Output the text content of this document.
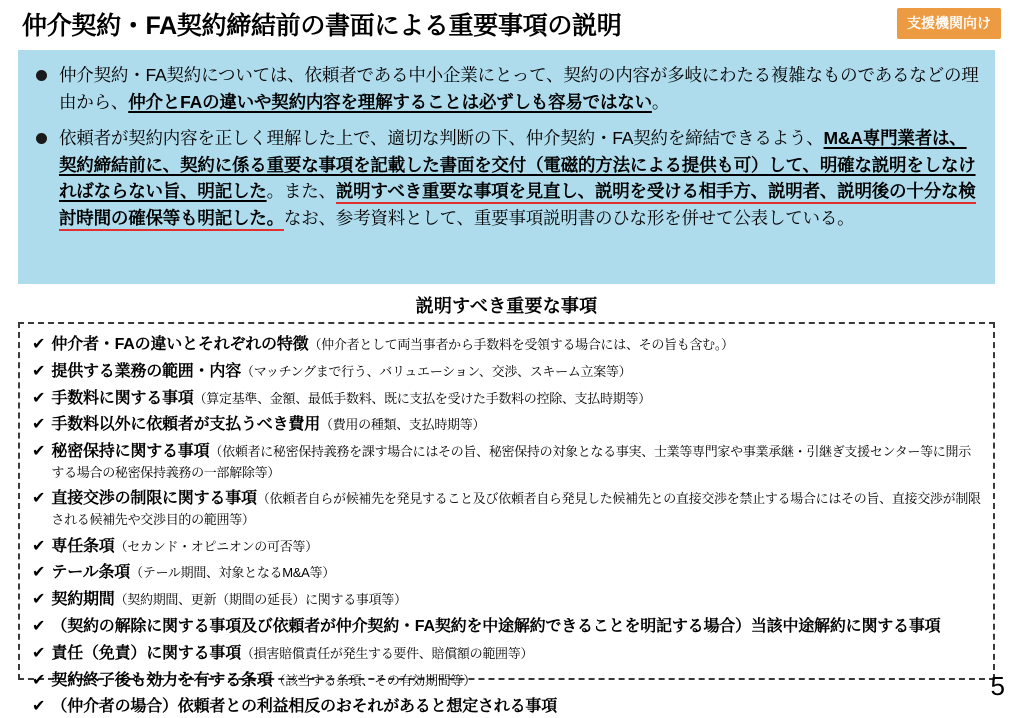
仲介契約・FA契約締結前の書面による重要事項の説明	支援機関向け
仲介契約・FA契約については、依頼者である中小企業にとって、契約の内容が多岐にわたる複雑なものであるなどの理由から、仲介とFAの違いや契約内容を理解することは必ずしも容易ではない。
依頼者が契約内容を正しく理解した上で、適切な判断の下、仲介契約・FA契約を締結できるよう、M&A専門業者は、契約締結前に、契約に係る重要な事項を記載した書面を交付（電磁的方法による提供も可）して、明確な説明をしなければならない旨、明記した。また、説明すべき重要な事項を見直し、説明を受ける相手方、説明者、説明後の十分な検討時間の確保等も明記した。なお、参考資料として、重要事項説明書のひな形を併せて公表している。
説明すべき重要な事項
✔ 仲介者・FAの違いとそれぞれの特徴（仲介者として両当事者から手数料を受領する場合には、その旨も含む。）
✔ 提供する業務の範囲・内容（マッチングまで行う、バリュエーション、交渉、スキーム立案等）
✔ 手数料に関する事項（算定基準、金額、最低手数料、既に支払を受けた手数料の控除、支払時期等）
✔ 手数料以外に依頼者が支払うべき費用（費用の種類、支払時期等）
✔ 秘密保持に関する事項（依頼者に秘密保持義務を課す場合にはその旨、秘密保持の対象となる事実、士業等専門家や事業承継・引継ぎ支援センター等に開示する場合の秘密保持義務の一部解除等）
✔ 直接交渉の制限に関する事項（依頼者自らが候補先を発見すること及び依頼者自ら発見した候補先との直接交渉を禁止する場合にはその旨、直接交渉が制限される候補先や交渉目的の範囲等）
✔ 専任条項（セカンド・オピニオンの可否等）
✔ テール条項（テール期間、対象となるM&A等）
✔ 契約期間（契約期間、更新（期間の延長）に関する事項等）
✔ （契約の解除に関する事項及び依頼者が仲介契約・FA契約を中途解約できることを明記する場合）当該中途解約に関する事項
✔ 責任（免責）に関する事項（損害賠償責任が発生する要件、賠償額の範囲等）
✔ 契約終了後も効力を有する条項（該当する条項、その有効期間等）
✔ （仲介者の場合）依頼者との利益相反のおそれがあると想定される事項
5
